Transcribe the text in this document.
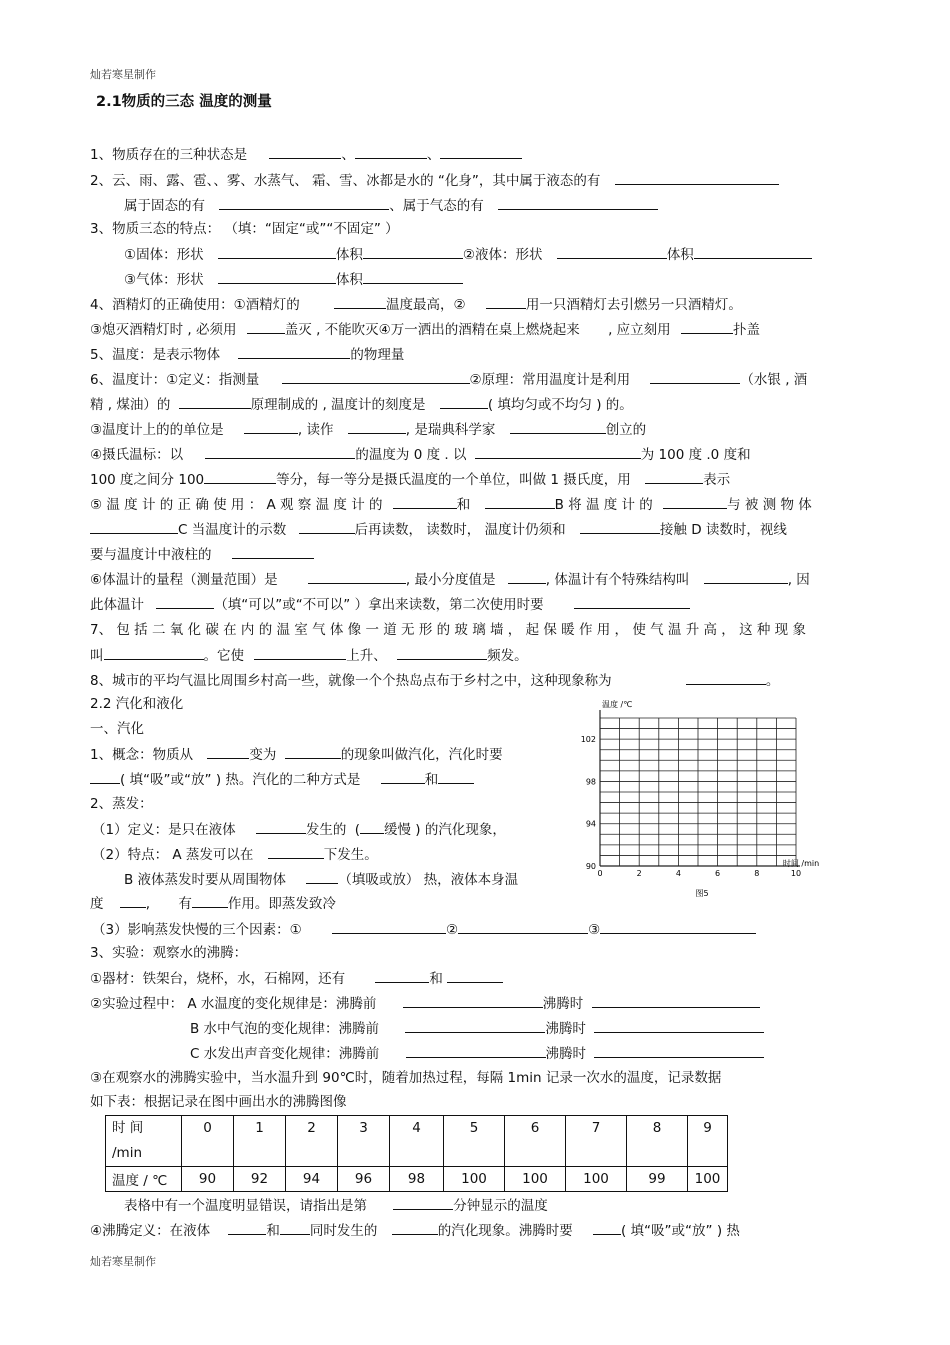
灿若寒星制作
2.1物质的三态 温度的测量
1、物质存在的三种状态是	、	、
2、云、雨、露、雹、、雾、水蒸气、 霜、雪、冰都是水的 “化身”，其中属于液态的有
属于固态的有	、属于气态的有
3、物质三态的特点： （填：“固定“或”“不固定” ）
①固体：形状	体积	②液体：形状	体积
③气体：形状	体积
4、酒精灯的正确使用：①酒精灯的	温度最高，②	用一只酒精灯去引燃另一只酒精灯。
③熄灭酒精灯时 , 必须用	盖灭 , 不能吹灭④万一洒出的酒精在桌上燃烧起来 , 应立刻用	扑盖
5、温度：是表示物体	的物理量
6、温度计：①定义：指测量	②原理：常用温度计是利用	（水银 , 酒
精 , 煤油）的	原理制成的 , 温度计的刻度是	( 填均匀或不均匀 ) 的。
③温度计上的的单位是	, 读作	, 是瑞典科学家	创立的
④摄氏温标：以	的温度为 0 度 . 以	为 100 度 .0 度和
100 度之间分 100	等分，每一等分是摄氏温度的一个单位，叫做 1 摄氏度，用	表示
⑤ 温 度 计 的 正 确 使 用 ： A 观 察 温 度 计 的	和	B 将 温 度 计 的	与 被 测 物 体
C 当温度计的示数	后再读数， 读数时， 温度计仍须和	接触 D 读数时，视线
要与温度计中液柱的
⑥体温计的量程（测量范围）是	, 最小分度值是	, 体温计有个特殊结构叫	, 因
此体温计	（填“可以”或“不可以” ）拿出来读数，第二次使用时要
7、 包 括 二 氧 化 碳 在 内 的 温 室 气 体 像 一 道 无 形 的 玻 璃 墙 ， 起 保 暖 作 用 ， 使 气 温 升 高 ， 这 种 现 象
叫	。它使	上升、	频发。
8、城市的平均气温比周围乡村高一些，就像一个个热岛点布于乡村之中，这种现象称为	。
2.2 汽化和液化
一、汽化
1、概念：物质从	变为	的现象叫做汽化，汽化时要
( 填“吸”或“放” ) 热。汽化的二种方式是	和
2、蒸发：
（1）定义：是只在液体	发生的 ( 缓慢 ) 的汽化现象，
（2）特点： A 蒸发可以在	下发生。
B 液体蒸发时要从周围物体	（填吸或放） 热，液体本身温
度	, 有	作用。即蒸发致冷
（3）影响蒸发快慢的三个因素：①	②	③
3、实验：观察水的沸腾：
①器材：铁架台，烧杯，水，石棉网，还有	和
②实验过程中： A 水温度的变化规律是：沸腾前	沸腾时
B 水中气泡的变化规律：沸腾前	沸腾时
C 水发出声音变化规律：沸腾前	沸腾时
③在观察水的沸腾实验中，当水温升到 90℃时，随着加热过程，每隔 1min 记录一次水的温度，记录数据
如下表：根据记录在图中画出水的沸腾图像
时 间
/min	0	1	2	3	4	5	6	7	8	9
温度 / ℃	90	92	94	96	98	100	100	100	99	100
表格中有一个温度明显错误，请指出是第	分钟显示的温度
④沸腾定义：在液体	和 同时发生的	的汽化现象。沸腾时要	( 填“吸”或“放” ) 热
灿若寒星制作
0	2	4	6	8	10
90
94
98
102
温度 /℃
时间 /min
图5
